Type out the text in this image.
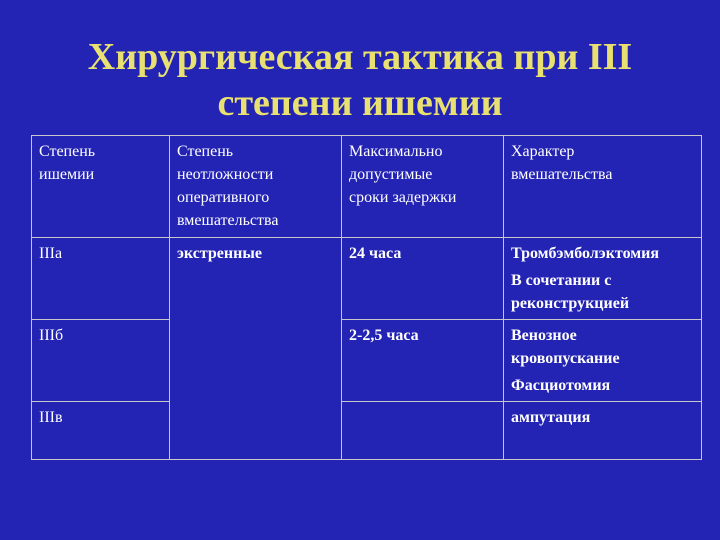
Хирургическая тактика при III
степени ишемии
Степень
ишемии	Степень
неотложности
оперативного
вмешательства	Максимально
допустимые
сроки задержки	Характер
вмешательства

IIIа	экстренные	24 часа	Тромбэмболэктомия
В сочетании с
реконструкцией

IIIб		2-2,5 часа	Венозное
кровопускание
Фасциотомия

IIIв			ампутация
